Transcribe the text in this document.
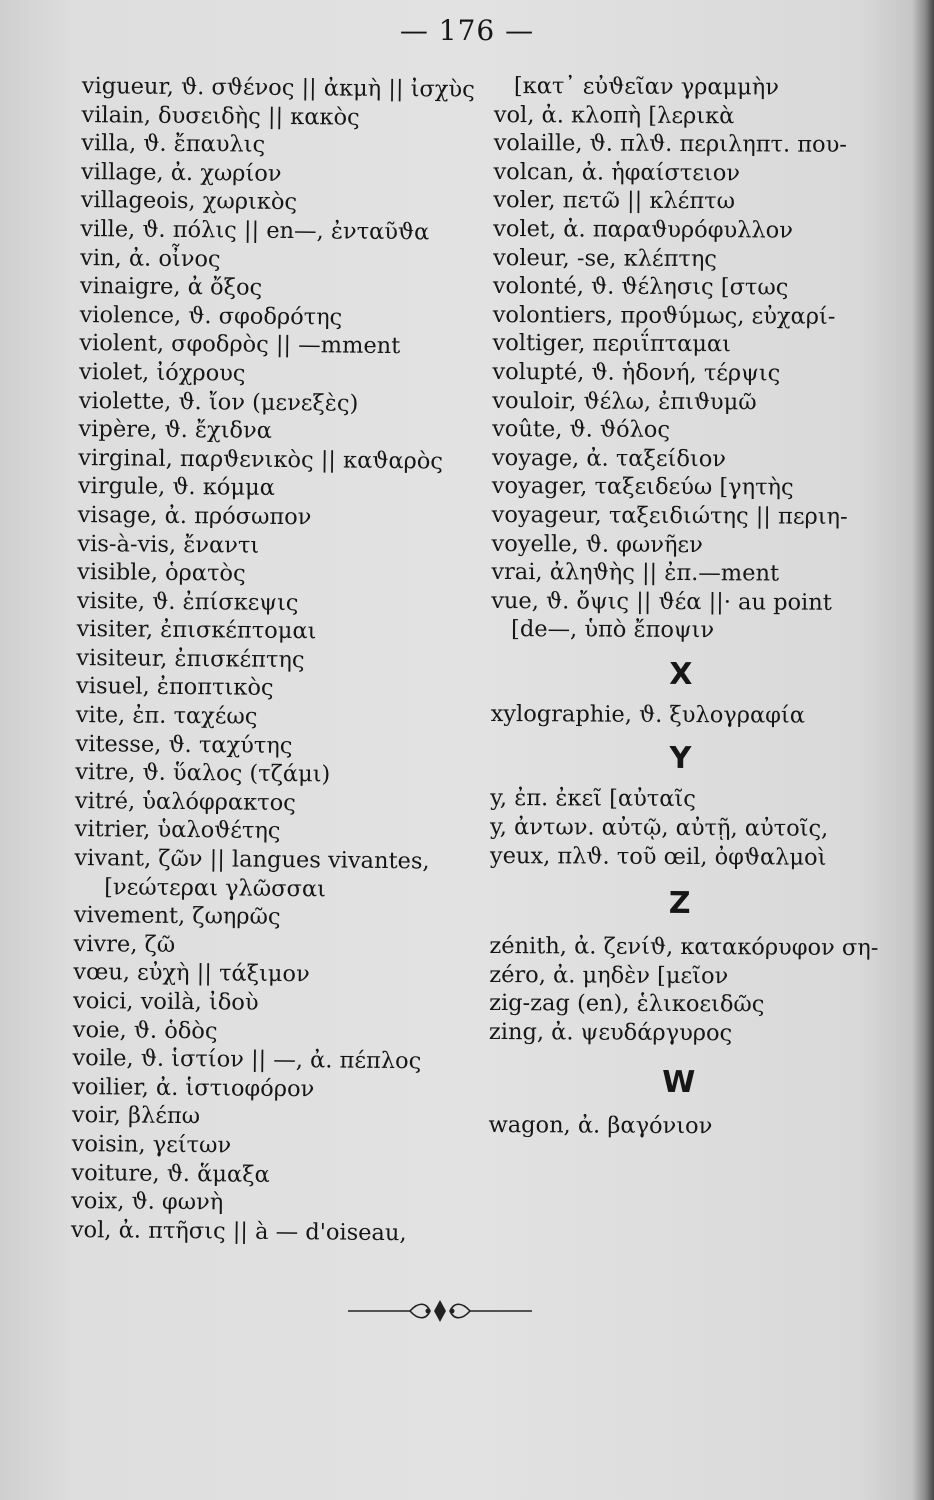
— 176 —
vigueur, ϑ. σϑένος || ἀκμὴ || ἰσχὺς
vilain, δυσειδὴς || κακὸς
villa, ϑ. ἔπαυλις
village, ἀ. χωρίον
villageois, χωρικὸς
ville, ϑ. πόλις || en—, ἐνταῦϑα
vin, ἀ. οἶνος
vinaigre, ἀ ὄξος
violence, ϑ. σφοδρότης
violent, σφοδρὸς || —mment
violet, ἰόχρους
violette, ϑ. ἴον (μενεξὲς)
vipère, ϑ. ἔχιδνα
virginal, παρϑενικὸς || καϑαρὸς
virgule, ϑ. κόμμα
visage, ἀ. πρόσωπον
vis-à-vis, ἔναντι
visible, ὁρατὸς
visite, ϑ. ἐπίσκεψις
visiter, ἐπισκέπτομαι
visiteur, ἐπισκέπτης
visuel, ἐποπτικὸς
vite, ἐπ. ταχέως
vitesse, ϑ. ταχύτης
vitre, ϑ. ὕαλος (τζάμι)
vitré, ὑαλόφρακτος
vitrier, ὑαλοϑέτης
vivant, ζῶν || langues vivantes,
[νεώτεραι γλῶσσαι
vivement, ζωηρῶς
vivre, ζῶ
vœu, εὐχὴ || τάξιμον
voici, voilà, ἰδοὺ
voie, ϑ. ὁδὸς
voile, ϑ. ἱστίον || —, ἀ. πέπλος
voilier, ἀ. ἱστιοφόρον
voir, βλέπω
voisin, γείτων
voiture, ϑ. ἅμαξα
voix, ϑ. φωνὴ
vol, ἀ. πτῆσις || à — d'oiseau,
[κατ᾽ εὐϑεῖαν γραμμὴν
vol, ἀ. κλοπὴ [λερικὰ
volaille, ϑ. πλϑ. περιληπτ. που-
volcan, ἀ. ἡφαίστειον
voler, πετῶ || κλέπτω
volet, ἀ. παραϑυρόφυλλον
voleur, -se, κλέπτης
volonté, ϑ. ϑέλησις [στως
volontiers, προϑύμως, εὐχαρί-
voltiger, περιΐπταμαι
volupté, ϑ. ἡδονή, τέρψις
vouloir, ϑέλω, ἐπιϑυμῶ
voûte, ϑ. ϑόλος
voyage, ἀ. ταξείδιον
voyager, ταξειδεύω [γητὴς
voyageur, ταξειδιώτης || περιη-
voyelle, ϑ. φωνῆεν
vrai, ἀληϑὴς || ἐπ.—ment
vue, ϑ. ὄψις || ϑέα ||· au point
[de—, ὑπὸ ἔποψιν
X
xylographie, ϑ. ξυλογραφία
Y
y, ἐπ. ἐκεῖ [αὐταῖς
y, ἀντων. αὐτῷ, αὐτῇ, αὐτοῖς,
yeux, πλϑ. τοῦ œil, ὀφϑαλμοὶ
Z
zénith, ἀ. ζενίϑ, κατακόρυφον ση-
zéro, ἀ. μηδὲν [μεῖον
zig-zag (en), ἑλικοειδῶς
zing, ἀ. ψευδάργυρος
W
wagon, ἀ. βαγόνιον
